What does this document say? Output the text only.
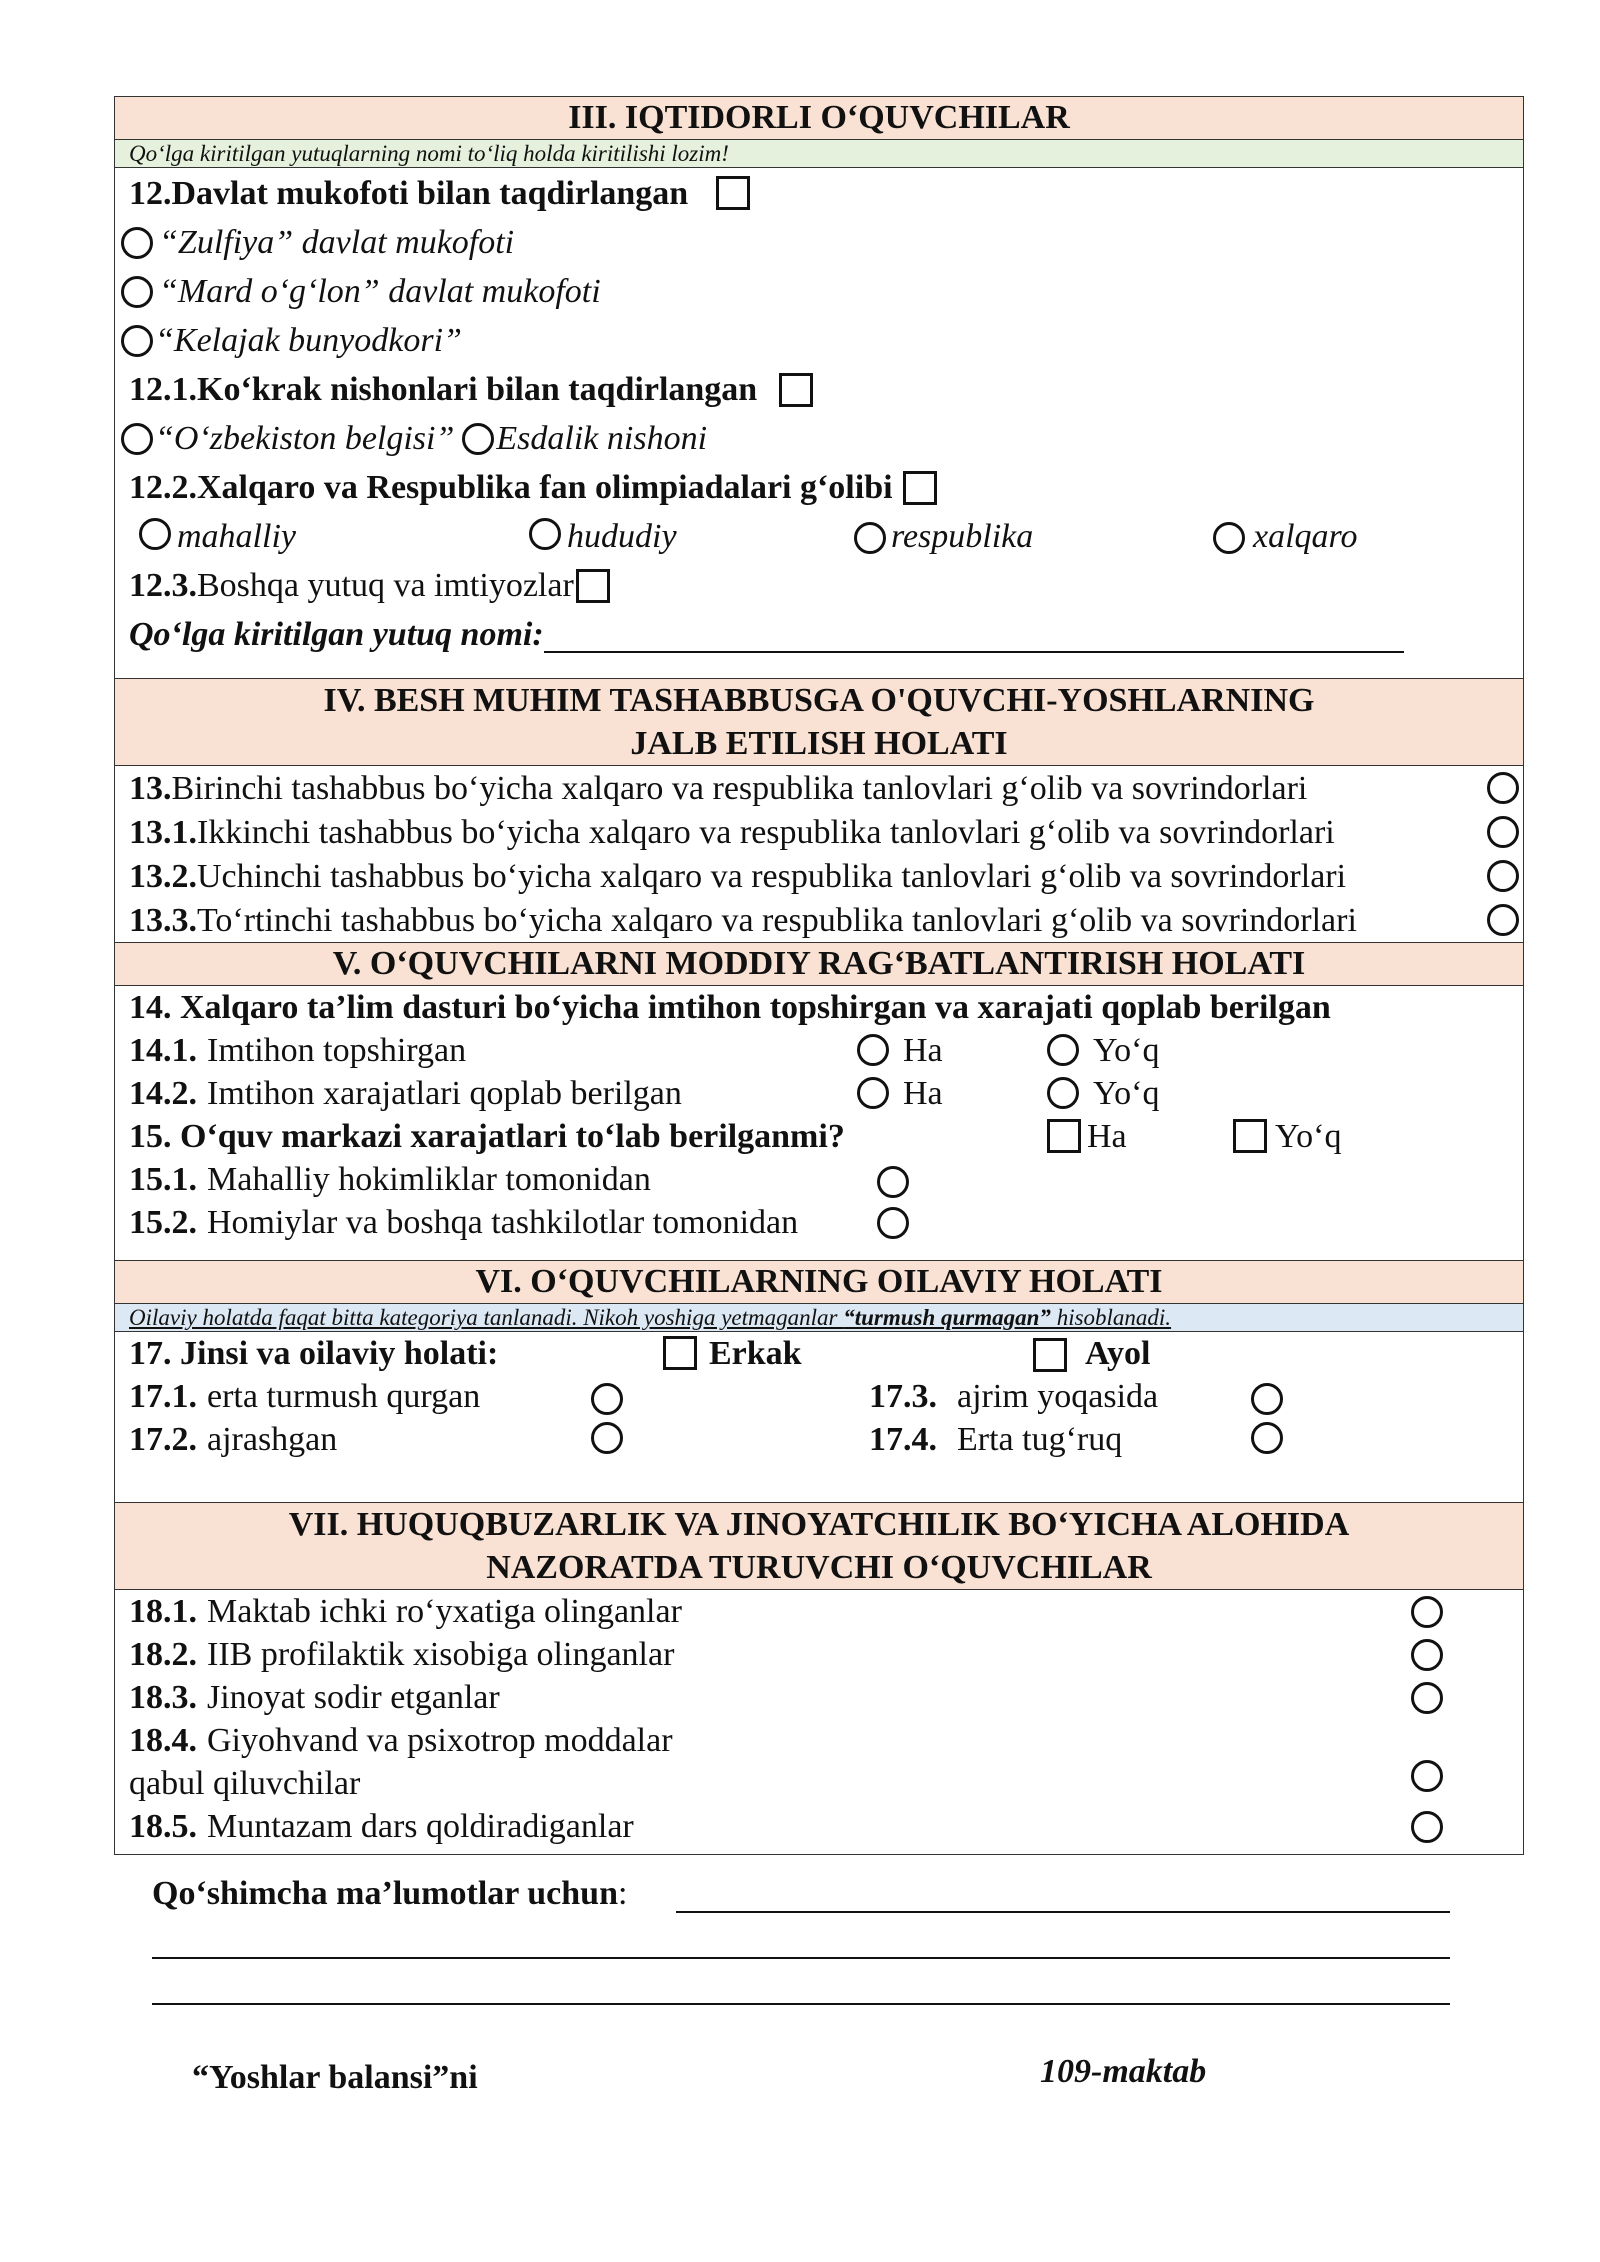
III. IQTIDORLI O‘QUVCHILAR
Qo‘lga kiritilgan yutuqlarning nomi to‘liq holda kiritilishi lozim!
12.Davlat mukofoti bilan taqdirlangan
“Zulfiya” davlat mukofoti
“Mard o‘g‘lon” davlat mukofoti
“Kelajak bunyodkori”
12.1.Ko‘krak nishonlari bilan taqdirlangan
“O‘zbekiston belgisi” Esdalik nishoni
12.2.Xalqaro va Respublika fan olimpiadalari g‘olibi
mahalliy	hududiy	respublika	xalqaro
12.3. Boshqa yutuq va imtiyozlar
Qo‘lga kiritilgan yutuq nomi:
IV. BESH MUHIM TASHABBUSGA O'QUVCHI-YOSHLARNING
JALB ETILISH HOLATI
13. Birinchi tashabbus bo‘yicha xalqaro va respublika tanlovlari g‘olib va sovrindorlari
13.1. Ikkinchi tashabbus bo‘yicha xalqaro va respublika tanlovlari g‘olib va sovrindorlari
13.2. Uchinchi tashabbus bo‘yicha xalqaro va respublika tanlovlari g‘olib va sovrindorlari
13.3. To‘rtinchi tashabbus bo‘yicha xalqaro va respublika tanlovlari g‘olib va sovrindorlari
V. O‘QUVCHILARNI MODDIY RAG‘BATLANTIRISH HOLATI
14. Xalqaro ta’lim dasturi bo‘yicha imtihon topshirgan va xarajati qoplab berilgan
14.1. Imtihon topshirgan	Ha	Yo‘q
14.2. Imtihon xarajatlari qoplab berilgan	Ha	Yo‘q
15. O‘quv markazi xarajatlari to‘lab berilganmi?	Ha	Yo‘q
15.1. Mahalliy hokimliklar tomonidan
15.2. Homiylar va boshqa tashkilotlar tomonidan
VI. O‘QUVCHILARNING OILAVIY HOLATI
Oilaviy holatda faqat bitta kategoriya tanlanadi. Nikoh yoshiga yetmaganlar “turmush qurmagan” hisoblanadi.
17. Jinsi va oilaviy holati:	Erkak	Ayol
17.1. erta turmush qurgan	17.3. ajrim yoqasida
17.2. ajrashgan	17.4. Erta tug‘ruq
VII. HUQUQBUZARLIK VA JINOYATCHILIK BO‘YICHA ALOHIDA
NAZORATDA TURUVCHI O‘QUVCHILAR
18.1. Maktab ichki ro‘yxatiga olinganlar
18.2. IIB profilaktik xisobiga olinganlar
18.3. Jinoyat sodir etganlar
18.4. Giyohvand va psixotrop moddalar
qabul qiluvchilar
18.5. Muntazam dars qoldiradiganlar
Qo‘shimcha ma’lumotlar uchun:
“Yoshlar balansi”ni	109-maktab
